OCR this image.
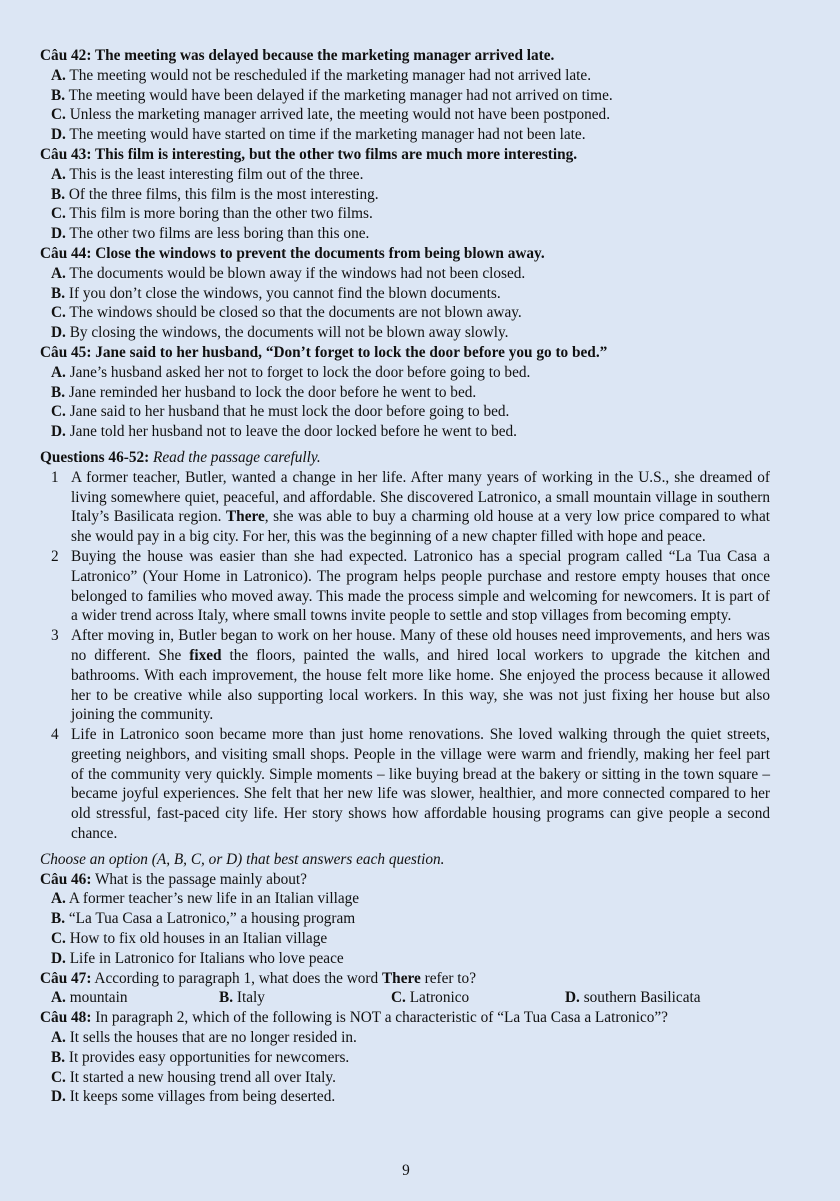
Câu 42: The meeting was delayed because the marketing manager arrived late.
A. The meeting would not be rescheduled if the marketing manager had not arrived late.
B. The meeting would have been delayed if the marketing manager had not arrived on time.
C. Unless the marketing manager arrived late, the meeting would not have been postponed.
D. The meeting would have started on time if the marketing manager had not been late.
Câu 43: This film is interesting, but the other two films are much more interesting.
A. This is the least interesting film out of the three.
B. Of the three films, this film is the most interesting.
C. This film is more boring than the other two films.
D. The other two films are less boring than this one.
Câu 44: Close the windows to prevent the documents from being blown away.
A. The documents would be blown away if the windows had not been closed.
B. If you don’t close the windows, you cannot find the blown documents.
C. The windows should be closed so that the documents are not blown away.
D. By closing the windows, the documents will not be blown away slowly.
Câu 45: Jane said to her husband, “Don’t forget to lock the door before you go to bed.”
A. Jane’s husband asked her not to forget to lock the door before going to bed.
B. Jane reminded her husband to lock the door before he went to bed.
C. Jane said to her husband that he must lock the door before going to bed.
D. Jane told her husband not to leave the door locked before he went to bed.
Questions 46-52: Read the passage carefully.
1 A former teacher, Butler, wanted a change in her life. After many years of working in the U.S., she dreamed of living somewhere quiet, peaceful, and affordable. She discovered Latronico, a small mountain village in southern Italy’s Basilicata region. There, she was able to buy a charming old house at a very low price compared to what she would pay in a big city. For her, this was the beginning of a new chapter filled with hope and peace.
2 Buying the house was easier than she had expected. Latronico has a special program called “La Tua Casa a Latronico” (Your Home in Latronico). The program helps people purchase and restore empty houses that once belonged to families who moved away. This made the process simple and welcoming for newcomers. It is part of a wider trend across Italy, where small towns invite people to settle and stop villages from becoming empty.
3 After moving in, Butler began to work on her house. Many of these old houses need improvements, and hers was no different. She fixed the floors, painted the walls, and hired local workers to upgrade the kitchen and bathrooms. With each improvement, the house felt more like home. She enjoyed the process because it allowed her to be creative while also supporting local workers. In this way, she was not just fixing her house but also joining the community.
4 Life in Latronico soon became more than just home renovations. She loved walking through the quiet streets, greeting neighbors, and visiting small shops. People in the village were warm and friendly, making her feel part of the community very quickly. Simple moments – like buying bread at the bakery or sitting in the town square – became joyful experiences. She felt that her new life was slower, healthier, and more connected compared to her old stressful, fast-paced city life. Her story shows how affordable housing programs can give people a second chance.
Choose an option (A, B, C, or D) that best answers each question.
Câu 46: What is the passage mainly about?
A. A former teacher’s new life in an Italian village
B. “La Tua Casa a Latronico,” a housing program
C. How to fix old houses in an Italian village
D. Life in Latronico for Italians who love peace
Câu 47: According to paragraph 1, what does the word There refer to?
A. mountain	B. Italy	C. Latronico	D. southern Basilicata
Câu 48: In paragraph 2, which of the following is NOT a characteristic of “La Tua Casa a Latronico”?
A. It sells the houses that are no longer resided in.
B. It provides easy opportunities for newcomers.
C. It started a new housing trend all over Italy.
D. It keeps some villages from being deserted.
9
